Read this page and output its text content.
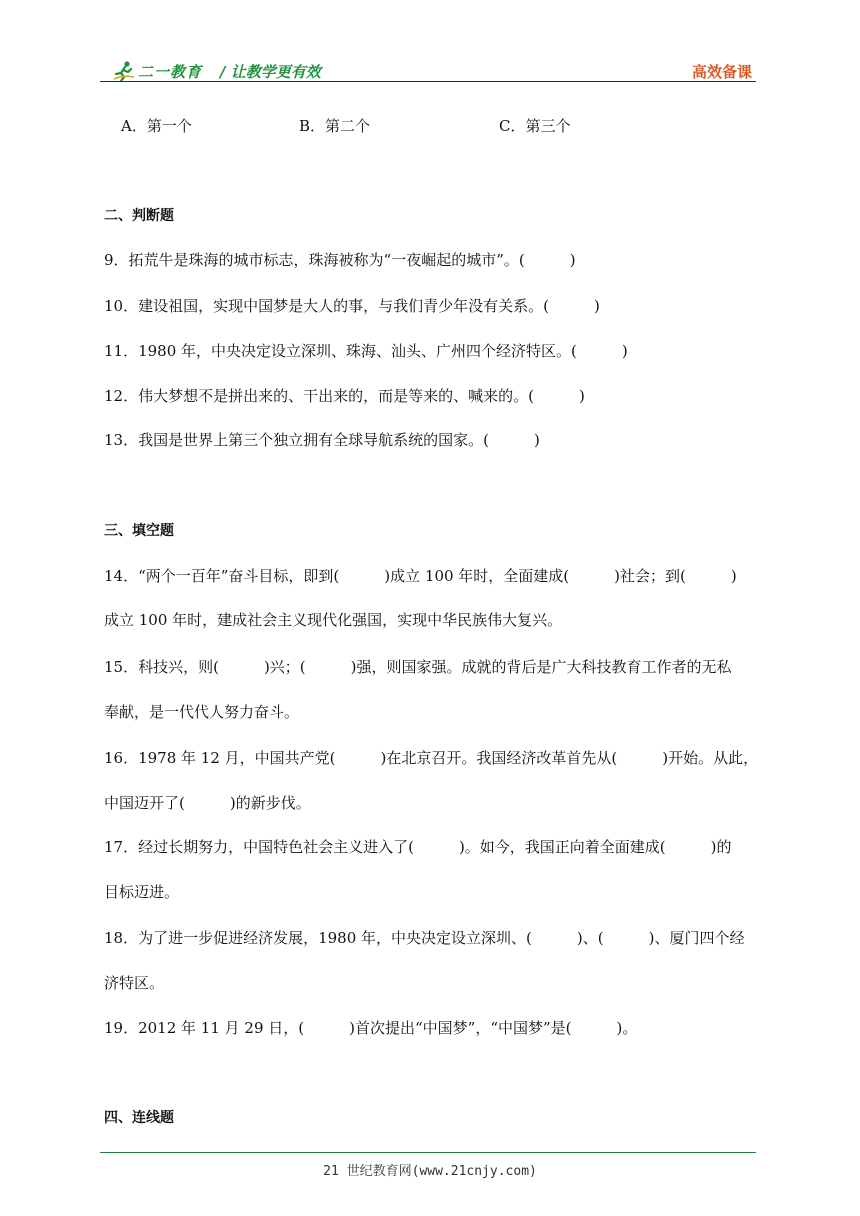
二一教育 / 让教学更有效	高效备课
A．第一个	B．第二个	C．第三个
二、判断题
9．拓荒牛是珠海的城市标志，珠海被称为“一夜崛起的城市”。(　　　)
10．建设祖国，实现中国梦是大人的事，与我们青少年没有关系。(　　　)
11．1980 年，中央决定设立深圳、珠海、汕头、广州四个经济特区。(　　　)
12．伟大梦想不是拼出来的、干出来的，而是等来的、喊来的。(　　　)
13．我国是世界上第三个独立拥有全球导航系统的国家。(　　　)
三、填空题
14．“两个一百年”奋斗目标，即到(　　　)成立 100 年时，全面建成(　　　)社会；到(　　　)
成立 100 年时，建成社会主义现代化强国，实现中华民族伟大复兴。
15．科技兴，则(　　　)兴；(　　　)强，则国家强。成就的背后是广大科技教育工作者的无私
奉献，是一代代人努力奋斗。
16．1978 年 12 月，中国共产党(　　　)在北京召开。我国经济改革首先从(　　　)开始。从此，
中国迈开了(　　　)的新步伐。
17．经过长期努力，中国特色社会主义进入了(　　　)。如今，我国正向着全面建成(　　　)的
目标迈进。
18．为了进一步促进经济发展，1980 年，中央决定设立深圳、(　　　)、(　　　)、厦门四个经
济特区。
19．2012 年 11 月 29 日，(　　　)首次提出“中国梦”，“中国梦”是(　　　)。
四、连线题
21 世纪教育网(www.21cnjy.com)
